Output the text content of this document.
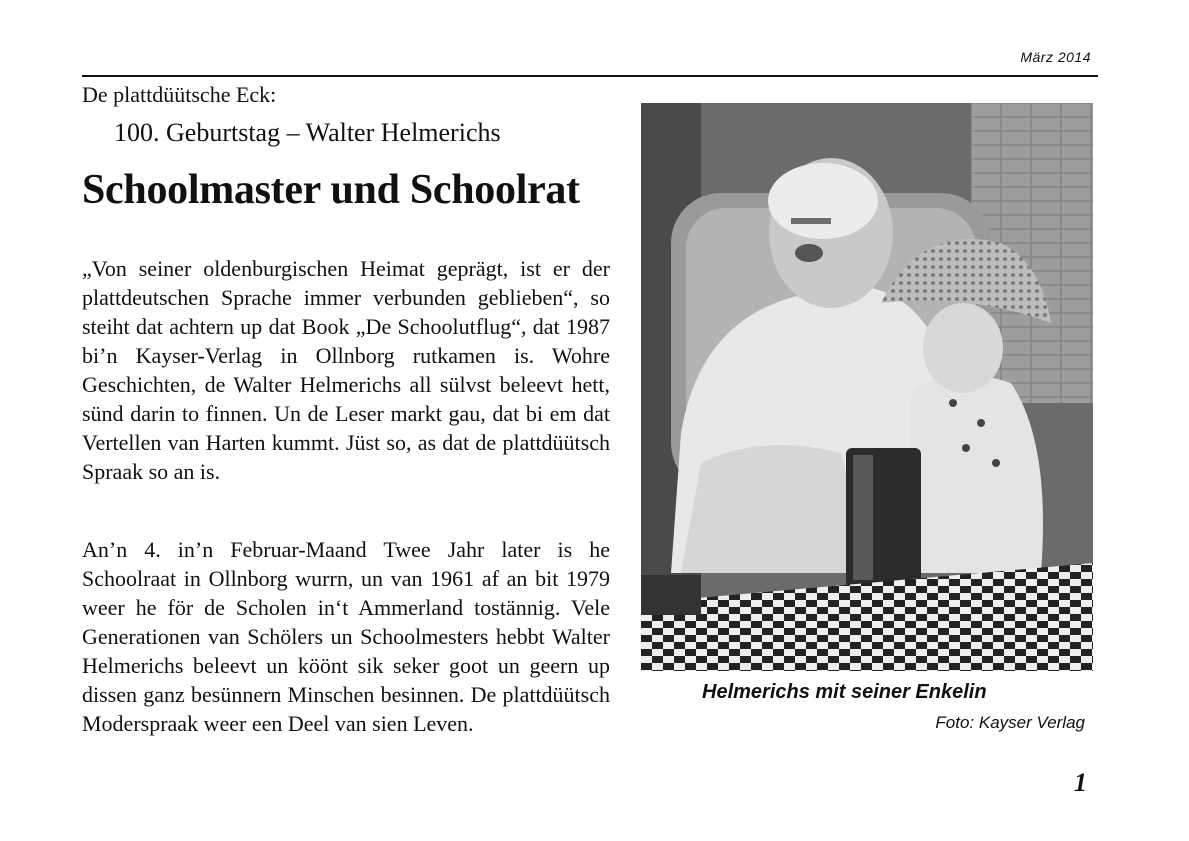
März 2014
De plattdüütsche Eck:
100. Geburtstag – Walter Helmerichs
Schoolmaster und Schoolrat

„Von seiner oldenburgischen Heimat geprägt, ist er der plattdeutschen Sprache immer verbunden geblieben“, so steiht dat achtern up dat Book „De Schoolutflug“, dat 1987 bi’n Kayser-Verlag in Ollnborg rutkamen is. Wohre Geschichten, de Walter Helmerichs all sülvst beleevt hett, sünd darin to finnen. Un de Leser markt gau, dat bi em dat Vertellen van Harten kummt. Jüst so, as dat de plattdüütsch Spraak so an is.

An’n 4. in’n Februar-Maand Twee Jahr later is he Schoolraat in Ollnborg wurrn, un van 1961 af an bit 1979 weer he för de Scholen in‘t Ammerland tostännig. Vele Generationen van Schölers un Schoolmesters hebbt Walter Helmerichs beleevt un köönt sik seker goot un geern up dissen ganz besünnern Minschen besinnen. De plattdüütsch Moderspraak weer een Deel van sien Leven.

Helmerichs mit seiner Enkelin
Foto: Kayser Verlag
1
